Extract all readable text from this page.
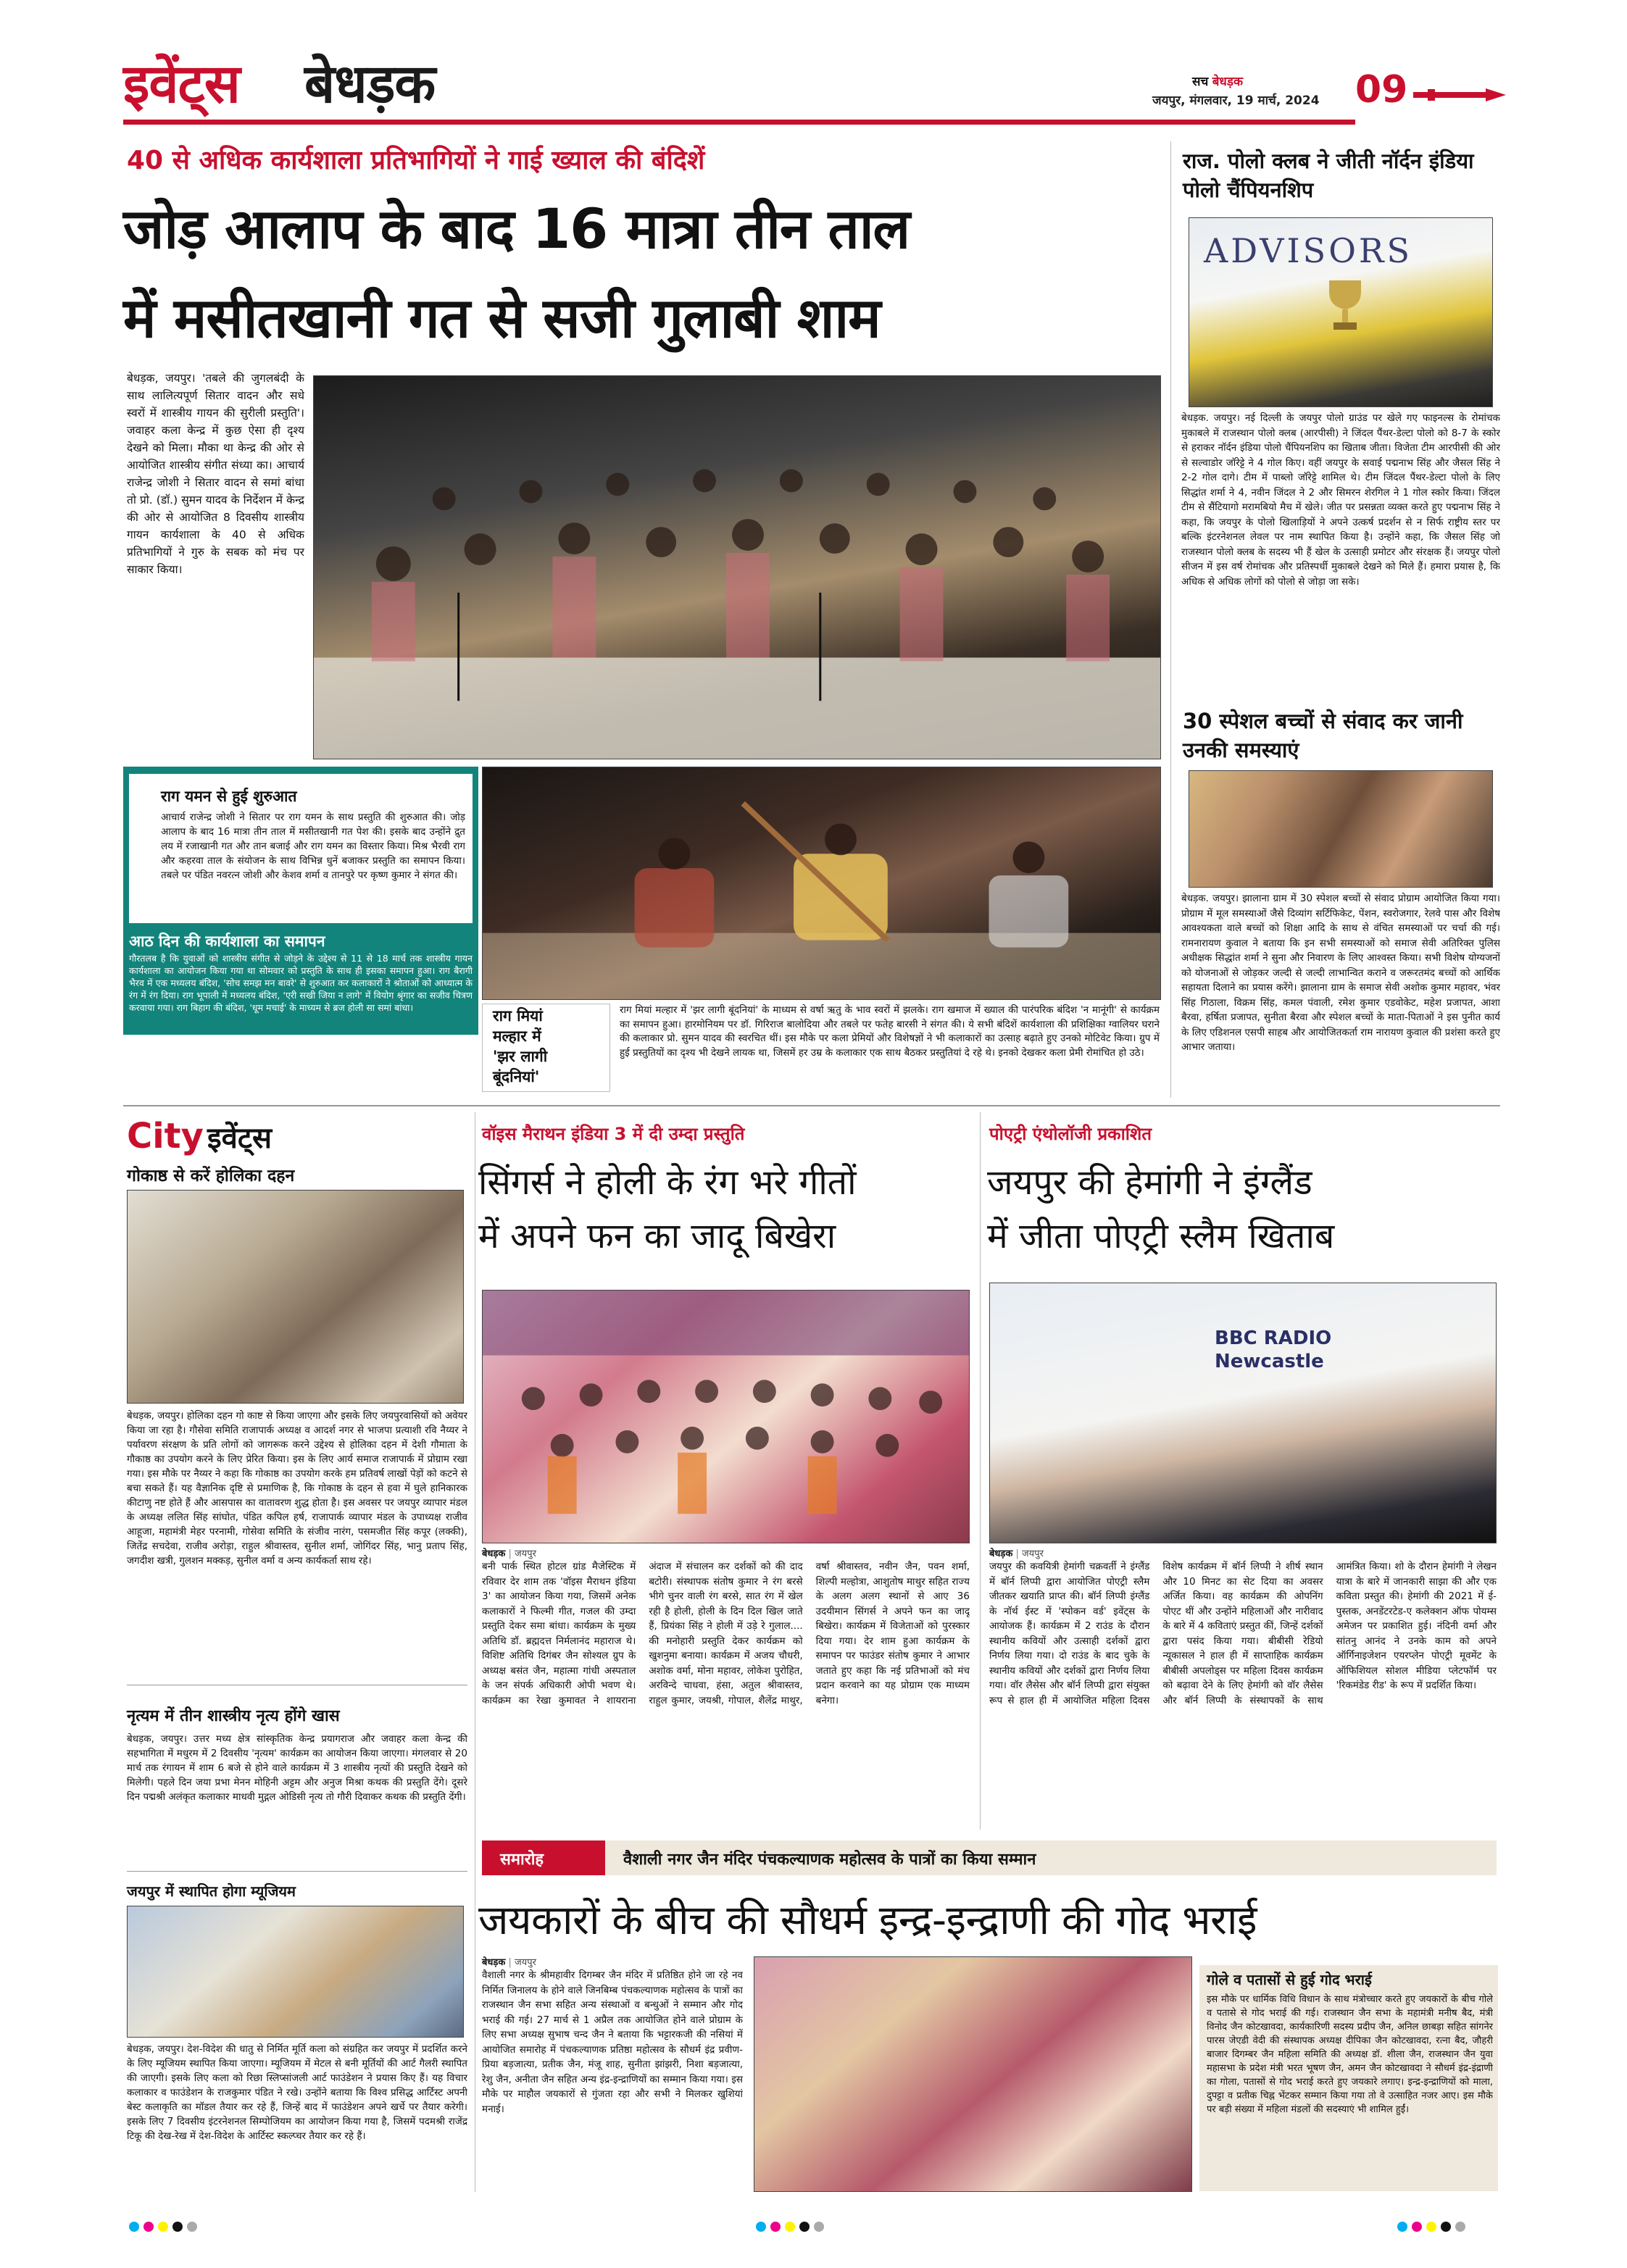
इवेंट्स बेधड़क	सच बेधड़क
जयपुर, मंगलवार, 19 मार्च, 2024 09
40 से अधिक कार्यशाला प्रतिभागियों ने गाई ख्याल की बंदिशें
जोड़ आलाप के बाद 16 मात्रा तीन ताल
में मसीतखानी गत से सजी गुलाबी शाम
बेधड़क, जयपुर। 'तबले की जुगलबंदी के साथ लालित्यपूर्ण सितार वादन और सधे स्वरों में शास्त्रीय गायन की सुरीली प्रस्तुति'। जवाहर कला केन्द्र में कुछ ऐसा ही दृश्य देखने को मिला। मौका था केन्द्र की ओर से आयोजित शास्त्रीय संगीत संध्या का। आचार्य राजेन्द्र जोशी ने सितार वादन से समां बांधा तो प्रो. (डॉ.) सुमन यादव के निर्देशन में केन्द्र की ओर से आयोजित 8 दिवसीय शास्त्रीय गायन कार्यशाला के 40 से अधिक प्रतिभागियों ने गुरु के सबक को मंच पर साकार किया।
राग यमन से हुई शुरुआत
आचार्य राजेन्द्र जोशी ने सितार पर राग यमन के साथ प्रस्तुति की शुरुआत की। जोड़ आलाप के बाद 16 मात्रा तीन ताल में मसीतखानी गत पेश की। इसके बाद उन्होंने द्रुत लय में रजाखानी गत और तान बजाई और राग यमन का विस्तार किया। मिश्र भैरवी राग और कहरवा ताल के संयोजन के साथ विभिन्न धुनें बजाकर प्रस्तुति का समापन किया। तबले पर पंडित नवरत्न जोशी और केशव शर्मा व तानपुरे पर कृष्ण कुमार ने संगत की।
आठ दिन की कार्यशाला का समापन
गौरतलब है कि युवाओं को शास्त्रीय संगीत से जोड़ने के उद्देश्य से 11 से 18 मार्च तक शास्त्रीय गायन कार्यशाला का आयोजन किया गया था सोमवार को प्रस्तुति के साथ ही इसका समापन हुआ। राग बैरागी भैरव में एक मध्यलय बंदिश, 'सोच समझ मन बावरे' से शुरुआत कर कलाकारों ने श्रोताओं को आध्यात्म के रंग में रंग दिया। राग भूपाली में मध्यलय बंदिश, 'एरी सखी जिया न लागे' में वियोग श्रृंगार का सजीव चित्रण करवाया गया। राग बिहाग की बंदिश, 'धूम मचाई' के माध्यम से ब्रज होली सा समां बांधा।	राग मियां
मल्हार में
'झर लागी
बूंदनियां'
राग मियां मल्हार में 'झर लागी बूंदनियां' के माध्यम से वर्षा ऋतु के भाव स्वरों में झलके। राग खमाज में ख्याल की पारंपरिक बंदिश 'न मानूंगी' से कार्यक्रम का समापन हुआ। हारमोनियम पर डॉ. गिरिराज बालोदिया और तबले पर फतेह बारसी ने संगत की। ये सभी बंदिशें कार्यशाला की प्रशिक्षिका ग्वालियर घराने की कलाकार प्रो. सुमन यादव की स्वरचित थीं। इस मौके पर कला प्रेमियों और विशेषज्ञों ने भी कलाकारों का उत्साह बढ़ाते हुए उनको मोटिवेट किया। ग्रुप में हुई प्रस्तुतियों का दृश्य भी देखने लायक था, जिसमें हर उम्र के कलाकार एक साथ बैठकर प्रस्तुतियां दे रहे थे। इनको देखकर कला प्रेमी रोमांचित हो उठे।
राज. पोलो क्लब ने जीती नॉर्दन इंडिया पोलो चैंपियनशिप
ADVISORS
बेधड़क. जयपुर। नई दिल्ली के जयपुर पोलो ग्राउंड पर खेले गए फाइनल्स के रोमांचक मुकाबले में राजस्थान पोलो क्लब (आरपीसी) ने जिंदल पैंथर-डेल्टा पोलो को 8-7 के स्कोर से हराकर नॉर्दन इंडिया पोलो चैंपियनशिप का खिताब जीता। विजेता टीम आरपीसी की ओर से सल्वाडोर जॉरेट्टे ने 4 गोल किए। वहीं जयपुर के सवाई पद्मनाभ सिंह और जैसल सिंह ने 2-2 गोल दागे। टीम में पाब्लो जॉरेट्टे शामिल थे। टीम जिंदल पैंथर-डेल्टा पोलो के लिए सिद्धांत शर्मा ने 4, नवीन जिंदल ने 2 और सिमरन शेरगिल ने 1 गोल स्कोर किया। जिंदल टीम से सैंटियागो मरामबियो मैच में खेले। जीत पर प्रसन्नता व्यक्त करते हुए पद्मनाभ सिंह ने कहा, कि जयपुर के पोलो खिलाड़ियों ने अपने उत्कर्ष प्रदर्शन से न सिर्फ राष्ट्रीय स्तर पर बल्कि इंटरनेशनल लेवल पर नाम स्थापित किया है। उन्होंने कहा, कि जैसल सिंह जो राजस्थान पोलो क्लब के सदस्य भी हैं खेल के उत्साही प्रमोटर और संरक्षक हैं। जयपुर पोलो सीजन में इस वर्ष रोमांचक और प्रतिस्पर्धी मुकाबले देखने को मिले हैं। हमारा प्रयास है, कि अधिक से अधिक लोगों को पोलो से जोड़ा जा सके।
30 स्पेशल बच्चों से संवाद कर जानी उनकी समस्याएं
बेधड़क. जयपुर। झालाना ग्राम में 30 स्पेशल बच्चों से संवाद प्रोग्राम आयोजित किया गया। प्रोग्राम में मूल समस्याओं जैसे दिव्यांग सर्टिफिकेट, पेंशन, स्वरोजगार, रेलवे पास और विशेष आवश्यकता वाले बच्चों को शिक्षा आदि के साथ से वंचित समस्याओं पर चर्चा की गई। रामनारायण कुवाल ने बताया कि इन सभी समस्याओं को समाज सेवी अतिरिक्त पुलिस अधीक्षक सिद्धांत शर्मा ने सुना और निवारण के लिए आश्वस्त किया। सभी विशेष योग्यजनों को योजनाओं से जोड़कर जल्दी से जल्दी लाभान्वित कराने व जरूरतमंद बच्चों को आर्थिक सहायता दिलाने का प्रयास करेंगे। झालाना ग्राम के समाज सेवी अशोक कुमार महावर, भंवर सिंह गिठाला, विक्रम सिंह, कमल पंवाली, रमेश कुमार एडवोकेट, महेश प्रजापत, आशा बैरवा, हर्षिता प्रजापत, सुनीता बैरवा और स्पेशल बच्चों के माता-पिताओं ने इस पुनीत कार्य के लिए एडिशनल एसपी साहब और आयोजितकर्ता राम नारायण कुवाल की प्रशंसा करते हुए आभार जताया।
City इवेंट्स
गोकाष्ठ से करें होलिका दहन
बेधड़क, जयपुर। होलिका दहन गो काष्ट से किया जाएगा और इसके लिए जयपुरवासियों को अवेयर किया जा रहा है। गौसेवा समिति राजापार्क अध्यक्ष व आदर्श नगर से भाजपा प्रत्याशी रवि नैय्यर ने पर्यावरण संरक्षण के प्रति लोगों को जागरूक करने उद्देश्य से होलिका दहन में देशी गौमाता के गौकाष्ठ का उपयोग करने के लिए प्रेरित किया। इस के लिए आर्य समाज राजापार्क में प्रोग्राम रखा गया। इस मौके पर नैय्यर ने कहा कि गोकाष्ठ का उपयोग करके हम प्रतिवर्ष लाखों पेड़ों को कटने से बचा सकते हैं। यह वैज्ञानिक दृष्टि से प्रमाणिक है, कि गोकाष्ठ के दहन से हवा में घुले हानिकारक कीटाणु नष्ट होते हैं और आसपास का वातावरण शुद्ध होता है। इस अवसर पर जयपुर व्यापार मंडल के अध्यक्ष ललित सिंह सांघोत, पंडित कपिल हर्ष, राजापार्क व्यापार मंडल के उपाध्यक्ष राजीव आहूजा, महामंत्री मेहर परनामी, गोसेवा समिति के संजीव नारंग, पसमजीत सिंह कपूर (लक्की), जितेंद्र सचदेवा, राजीव अरोड़ा, राहुल श्रीवास्तव, सुनील शर्मा, जोगिंदर सिंह, भानु प्रताप सिंह, जगदीश खत्री, गुलशन मक्कड़, सुनील वर्मा व अन्य कार्यकर्ता साथ रहे।
नृत्यम में तीन शास्त्रीय नृत्य होंगे खास
बेधड़क, जयपुर। उत्तर मध्य क्षेत्र सांस्कृतिक केन्द्र प्रयागराज और जवाहर कला केन्द्र की सहभागिता में मधुरम में 2 दिवसीय 'नृत्यम' कार्यक्रम का आयोजन किया जाएगा। मंगलवार से 20 मार्च तक रंगायन में शाम 6 बजे से होने वाले कार्यक्रम में 3 शास्त्रीय नृत्यों की प्रस्तुति देखने को मिलेगी। पहले दिन जया प्रभा मेनन मोहिनी अट्टम और अनुज मिश्रा कथक की प्रस्तुति देंगे। दूसरे दिन पद्मश्री अलंकृत कलाकार माधवी मुद्गल ओडिसी नृत्य तो गौरी दिवाकर कथक की प्रस्तुति देंगी।
जयपुर में स्थापित होगा म्यूजियम
बेधड़क, जयपुर। देश-विदेश की धातु से निर्मित मूर्ति कला को संग्रहित कर जयपुर में प्रदर्शित करने के लिए म्यूजियम स्थापित किया जाएगा। म्यूजियम में मेटल से बनी मूर्तियों की आर्ट गैलरी स्थापित की जाएगी। इसके लिए कला को रिछा स्लिप्सांजली आर्ट फाउंडेशन ने प्रयास किए हैं। यह विचार कलाकार व फाउंडेशन के राजकुमार पंडित ने रखे। उन्होंने बताया कि विश्व प्रसिद्ध आर्टिस्ट अपनी बेस्ट कलाकृति का मॉडल तैयार कर रहे हैं, जिन्हें बाद में फाउंडेशन अपने खर्चे पर तैयार करेगी। इसके लिए 7 दिवसीय इंटरनेशनल सिम्पोजियम का आयोजन किया गया है, जिसमें पदमश्री राजेंद्र टिकू की देख-रेख में देश-विदेश के आर्टिस्ट स्कल्प्चर तैयार कर रहे हैं।
वॉइस मैराथन इंडिया 3 में दी उम्दा प्रस्तुति
सिंगर्स ने होली के रंग भरे गीतों
में अपने फन का जादू बिखेरा
बेधड़क | जयपुर
बनी पार्क स्थित होटल ग्रांड मैजेस्टिक में रविवार देर शाम तक 'वॉइस मैराथन इंडिया 3' का आयोजन किया गया, जिसमें अनेक कलाकारों ने फिल्मी गीत, गजल की उम्दा प्रस्तुति देकर समा बांधा। कार्यक्रम के मुख्य अतिथि डॉ. ब्रह्मदत्त निर्मलानंद महाराज थे। विशिष्ट अतिथि दिगंबर जैन सोश्यल ग्रुप के अध्यक्ष बसंत जैन, महात्मा गांधी अस्पताल के जन संपर्क अधिकारी ओपी भवण थे। कार्यक्रम का रेखा कुमावत ने शायराना अंदाज में संचालन कर दर्शकों को की दाद बटोरी। संस्थापक संतोष कुमार ने रंग बरसे भीगे चुनर वाली रंग बरसे, सात रंग में खेल रही है होली, होली के दिन दिल खिल जाते हैं, प्रियंका सिंह ने होली में उड़े रे गुलाल.... की मनोहारी प्रस्तुति देकर कार्यक्रम को खुशनुमा बनाया। कार्यक्रम में अजय चौधरी, अशोक वर्मा, मोना महावर, लोकेश पुरोहित, अरविन्दे चाधवा, हंसा, अतुल श्रीवास्तव, राहुल कुमार, जयश्री, गोपाल, शैलेंद्र माथुर, वर्षा श्रीवास्तव, नवीन जैन, पवन शर्मा, शिल्पी मल्होत्रा, आशुतोष माथुर सहित राज्य के अलग अलग स्थानों से आए 36 उदयीमान सिंगर्स ने अपने फन का जादू बिखेरा। कार्यक्रम में विजेताओं को पुरस्कार दिया गया। देर शाम हुआ कार्यक्रम के समापन पर फाउंडर संतोष कुमार ने आभार जताते हुए कहा कि नई प्रतिभाओं को मंच प्रदान करवाने का यह प्रोग्राम एक माध्यम बनेगा।
पोएट्री एंथोलॉजी प्रकाशित
जयपुर की हेमांगी ने इंग्लैंड
में जीता पोएट्री स्लैम खिताब
BBC RADIO Newcastle
बेधड़क | जयपुर
जयपुर की कवयित्री हेमांगी चक्रवर्ती ने इंग्लैंड में बॉर्न लिप्पी द्वारा आयोजित पोएट्री स्लैम जीतकर खयाति प्राप्त की। बॉर्न लिप्पी इंग्लैंड के नॉर्थ ईस्ट में 'स्पोकन वर्ड' इवेंट्स के आयोजक हैं। कार्यक्रम में 2 राउंड के दौरान स्थानीय कवियों और उत्साही दर्शकों द्वारा निर्णय लिया गया। दो राउंड के बाद चुके के स्थानीय कवियों और दर्शकों द्वारा निर्णय लिया गया। वॉर लैसेस और बॉर्न लिप्पी द्वारा संयुक्त रूप से हाल ही में आयोजित महिला दिवस विशेष कार्यक्रम में बॉर्न लिप्पी ने शीर्ष स्थान और 10 मिनट का सेट दिया का अवसर अर्जित किया। वह कार्यक्रम की ओपनिंग पोएट थीं और उन्होंने महिलाओं और नारीवाद के बारे में 4 कविताएं प्रस्तुत कीं, जिन्हें दर्शकों द्वारा पसंद किया गया। बीबीसी रेडियो न्यूकासल ने हाल ही में साप्ताहिक कार्यक्रम बीबीसी अपलोड्स पर महिला दिवस कार्यक्रम को बढ़ावा देने के लिए हेमांगी को वॉर लैसेस और बॉर्न लिप्पी के संस्थापकों के साथ आमंत्रित किया। शो के दौरान हेमांगी ने लेखन यात्रा के बारे में जानकारी साझा की और एक कविता प्रस्तुत की। हेमांगी की 2021 में ई-पुस्तक, अनडेंटरटेड-ए कलेक्शन ऑफ पोयम्स अमेजन पर प्रकाशित हुई। नंदिनी वर्मा और सांतनु आनंद ने उनके काम को अपने ऑर्गिनाइजेशन एयरप्लेन पोएट्री मूवमेंट के ऑफिशियल सोशल मीडिया प्लेटफॉर्म पर 'रिकमंडेड रीड' के रूप में प्रदर्शित किया।
समारोह	वैशाली नगर जैन मंदिर पंचकल्याणक महोत्सव के पात्रों का किया सम्मान
जयकारों के बीच की सौधर्म इन्द्र-इन्द्राणी की गोद भराई
बेधड़क | जयपुर
वैशाली नगर के श्रीमहावीर दिगम्बर जैन मंदिर में प्रतिष्ठित होने जा रहे नव निर्मित जिनालय के होने वाले जिनबिम्ब पंचकल्याणक महोत्सव के पात्रों का राजस्थान जैन सभा सहित अन्य संस्थाओं व बन्धुओं ने सम्मान और गोद भराई की गई। 27 मार्च से 1 अप्रैल तक आयोजित होने वाले प्रोग्राम के लिए सभा अध्यक्ष सुभाष चन्द जैन ने बताया कि भट्टारकजी की नसियां में आयोजित समारोह में पंचकल्याणक प्रतिष्ठा महोत्सव के सौधर्म इंद्र प्रवीण-प्रिया बड़जात्या, प्रतीक जैन, मंजू शाह, सुनीता झांझरी, निशा बड़जात्या, रेशु जैन, अनीता जैन सहित अन्य इंद्र-इन्द्राणियों का सम्मान किया गया। इस मौके पर माहौल जयकारों से गुंजता रहा और सभी ने मिलकर खुशियां मनाई।
गोले व पतासों से हुई गोद भराई
इस मौके पर धार्मिक विधि विधान के साथ मंत्रोच्चार करते हुए जयकारों के बीच गोले व पतासे से गोद भराई की गई। राजस्थान जैन सभा के महामंत्री मनीष बैद, मंत्री विनोद जैन कोटखावदा, कार्यकारिणी सदस्य प्रदीप जैन, अनिल छाबड़ा सहित सांगनेर पारस जेएडी वेदी की संस्थापक अध्यक्ष दीपिका जैन कोटखावदा, रत्ना बैद, जौहरी बाजार दिगम्बर जैन महिला समिति की अध्यक्ष डॉ. शीला जैन, राजस्थान जैन युवा महासभा के प्रदेश मंत्री भरत भूषण जैन, अमन जैन कोटखावदा ने सौधर्म इंद्र-इंद्राणी का गोला, पतासों से गोद भराई करते हुए जयकारे लगाए। इन्द्र-इन्द्राणियों को माला, दुपट्टा व प्रतीक चिह्न भेंटकर सम्मान किया गया तो वे उत्साहित नजर आए। इस मौके पर बड़ी संख्या में महिला मंडलों की सदस्याएं भी शामिल हुईं।
